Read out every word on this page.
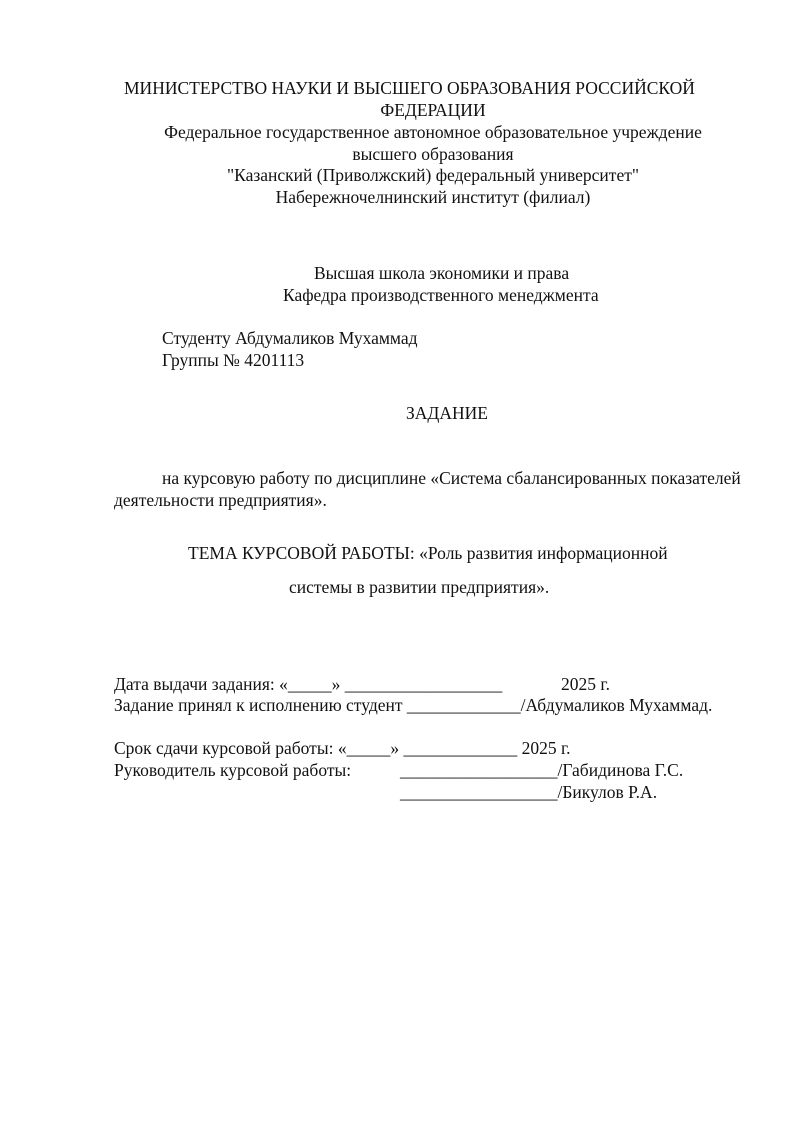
МИНИСТЕРСТВО НАУКИ И ВЫСШЕГО ОБРАЗОВАНИЯ РОССИЙСКОЙ
ФЕДЕРАЦИИ
Федеральное государственное автономное образовательное учреждение
высшего образования
"Казанский (Приволжский) федеральный университет"
Набережночелнинский институт (филиал)
Высшая школа экономики и права
Кафедра производственного менеджмента
Студенту Абдумаликов Мухаммад
Группы № 4201113
ЗАДАНИЕ
на курсовую работу по дисциплине «Система сбалансированных показателей
деятельности предприятия».
ТЕМА КУРСОВОЙ РАБОТЫ: «Роль развития информационной
системы в развитии предприятия».
Дата выдачи задания: «_____» __________________	2025 г.
Задание принял к исполнению студент _____________/Абдумаликов Мухаммад.
Срок сдачи курсовой работы: «_____» _____________ 2025 г.
Руководитель курсовой работы:	__________________/Габидинова Г.С.
__________________/Бикулов Р.А.
